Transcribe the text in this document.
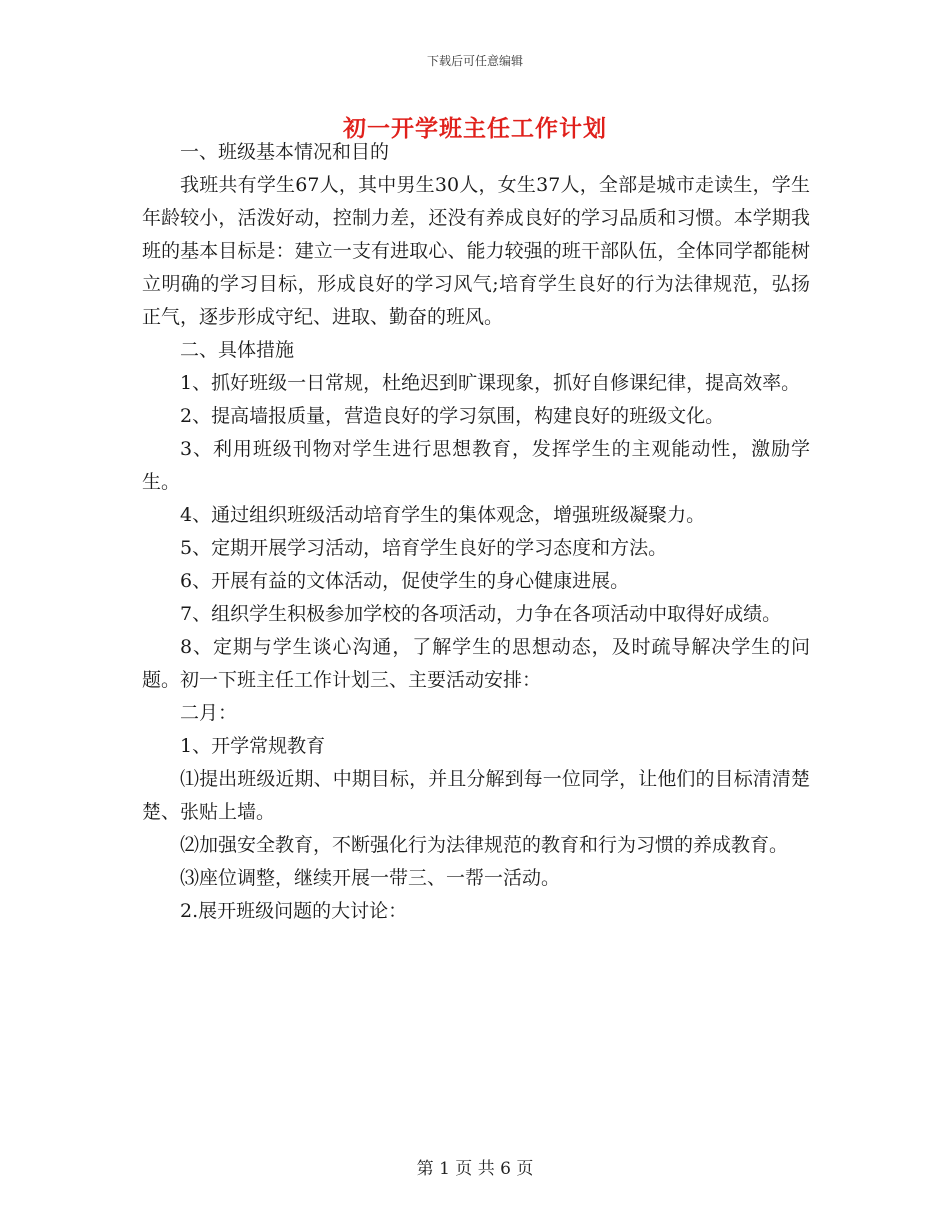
下载后可任意编辑
初一开学班主任工作计划

一、班级基本情况和目的

我班共有学生67人，其中男生30人，女生37人，全部是城市走读生，学生年龄较小，活泼好动，控制力差，还没有养成良好的学习品质和习惯。本学期我班的基本目标是：建立一支有进取心、能力较强的班干部队伍，全体同学都能树立明确的学习目标，形成良好的学习风气;培育学生良好的行为法律规范，弘扬正气，逐步形成守纪、进取、勤奋的班风。

二、具体措施

1、抓好班级一日常规，杜绝迟到旷课现象，抓好自修课纪律，提高效率。

2、提高墙报质量，营造良好的学习氛围，构建良好的班级文化。

3、利用班级刊物对学生进行思想教育，发挥学生的主观能动性，激励学生。

4、通过组织班级活动培育学生的集体观念，增强班级凝聚力。

5、定期开展学习活动，培育学生良好的学习态度和方法。

6、开展有益的文体活动，促使学生的身心健康进展。

7、组织学生积极参加学校的各项活动，力争在各项活动中取得好成绩。

8、定期与学生谈心沟通，了解学生的思想动态，及时疏导解决学生的问题。初一下班主任工作计划三、主要活动安排：

二月：

1、开学常规教育

⑴提出班级近期、中期目标，并且分解到每一位同学，让他们的目标清清楚楚、张贴上墙。

⑵加强安全教育，不断强化行为法律规范的教育和行为习惯的养成教育。

⑶座位调整，继续开展一带三、一帮一活动。

2.展开班级问题的大讨论：

第 1 页 共 6 页
